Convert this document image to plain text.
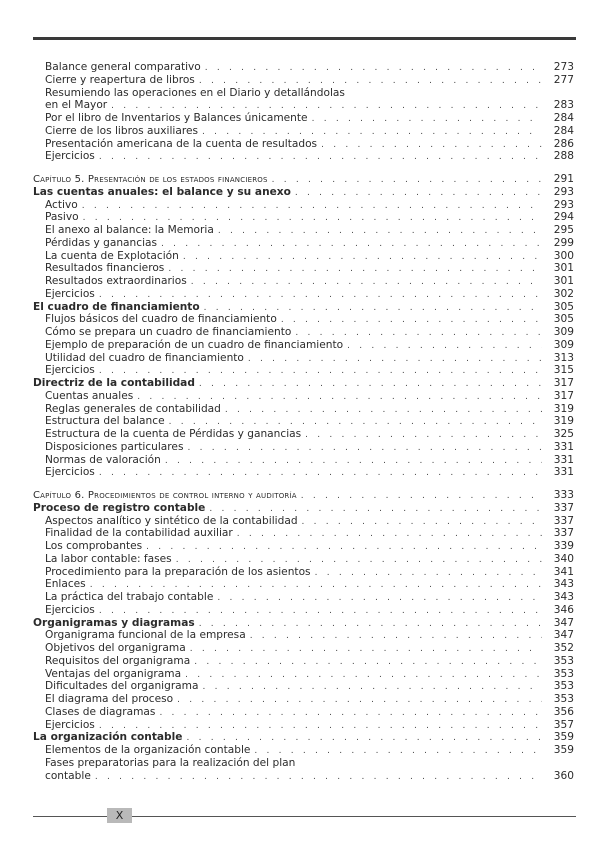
Balance general comparativo . . .	273
Cierre y reapertura de libros . . .	277
Resumiendo las operaciones en el Diario y detallándolas
en el Mayor . . .	283
Por el libro de Inventarios y Balances únicamente . . .	284
Cierre de los libros auxiliares . . .	284
Presentación americana de la cuenta de resultados . . .	286
Ejercicios . . .	288
Capítulo 5. Presentación de los estados financieros . . .	291
Las cuentas anuales: el balance y su anexo . . .	293
Activo . . .	293
Pasivo . . .	294
El anexo al balance: la Memoria . . .	295
Pérdidas y ganancias . . .	299
La cuenta de Explotación . . .	300
Resultados financieros . . .	301
Resultados extraordinarios . . .	301
Ejercicios . . .	302
El cuadro de financiamiento . . .	305
Flujos básicos del cuadro de financiamiento . . .	305
Cómo se prepara un cuadro de financiamiento . . .	309
Ejemplo de preparación de un cuadro de financiamiento . . .	309
Utilidad del cuadro de financiamiento . . .	313
Ejercicios . . .	315
Directriz de la contabilidad . . .	317
Cuentas anuales . . .	317
Reglas generales de contabilidad . . .	319
Estructura del balance . . .	319
Estructura de la cuenta de Pérdidas y ganancias . . .	325
Disposiciones particulares . . .	331
Normas de valoración . . .	331
Ejercicios . . .	331
Capítulo 6. Procedimientos de control interno y auditoría . . .	333
Proceso de registro contable . . .	337
Aspectos analítico y sintético de la contabilidad . . .	337
Finalidad de la contabilidad auxiliar . . .	337
Los comprobantes . . .	339
La labor contable: fases . . .	340
Procedimiento para la preparación de los asientos . . .	341
Enlaces . . .	343
La práctica del trabajo contable . . .	343
Ejercicios . . .	346
Organigramas y diagramas . . .	347
Organigrama funcional de la empresa . . .	347
Objetivos del organigrama . . .	352
Requisitos del organigrama . . .	353
Ventajas del organigrama . . .	353
Dificultades del organigrama . . .	353
El diagrama del proceso . . .	353
Clases de diagramas . . .	356
Ejercicios . . .	357
La organización contable . . .	359
Elementos de la organización contable . . .	359
Fases preparatorias para la realización del plan
contable . . .	360
X
